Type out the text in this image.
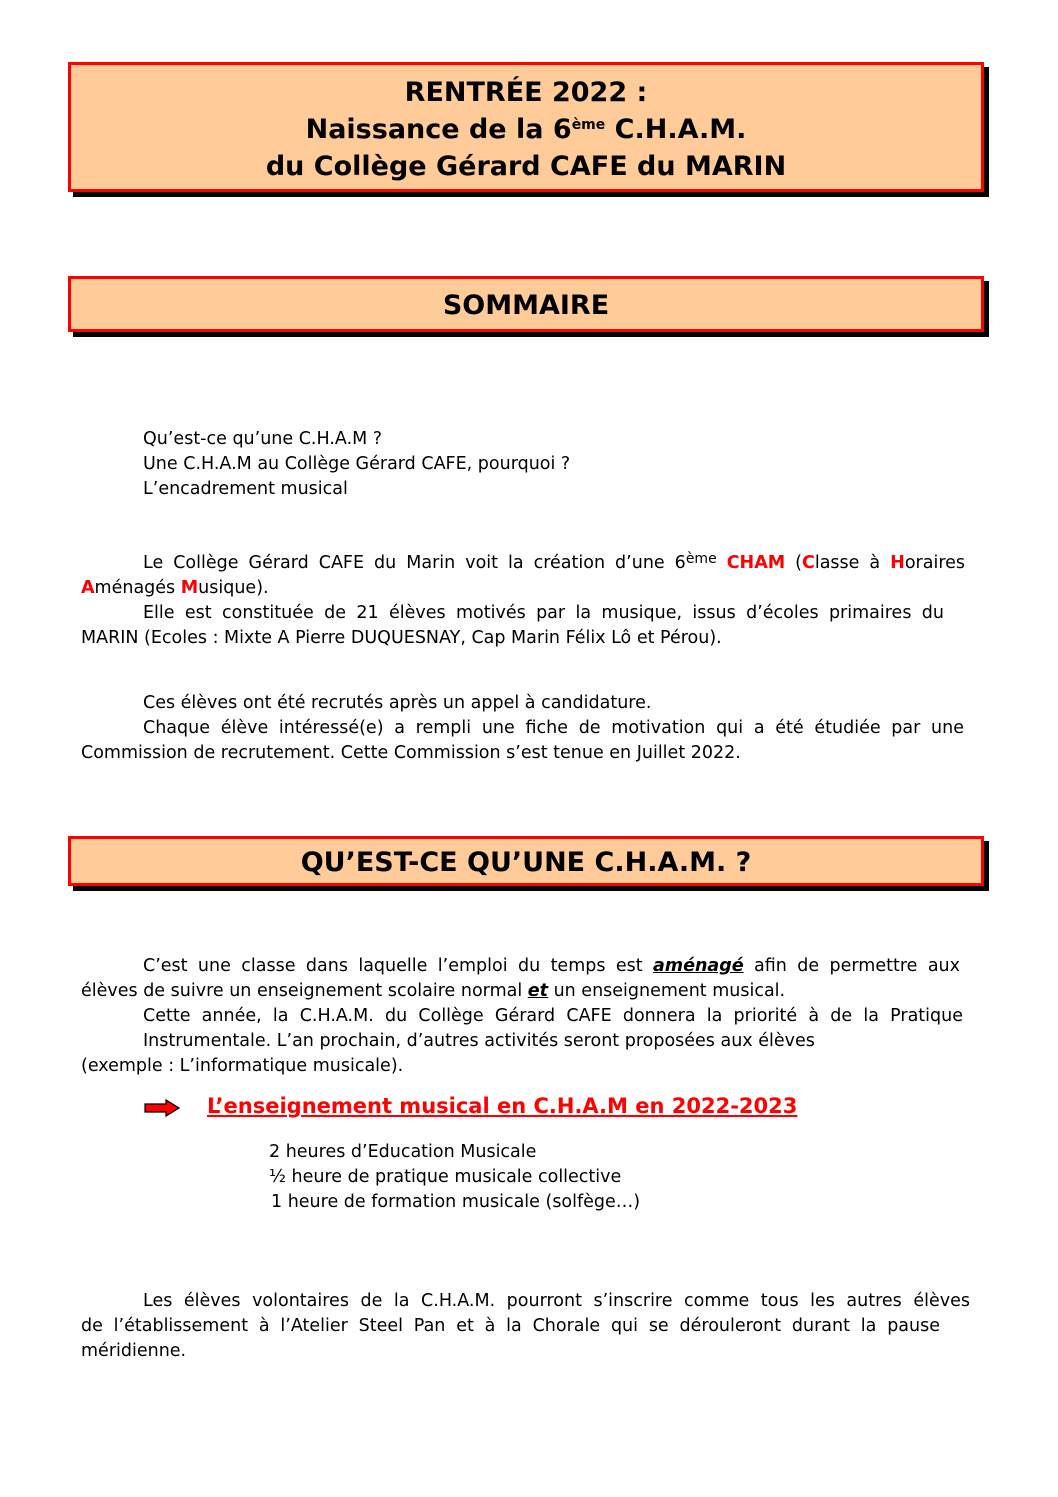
RENTRÉE 2022 :
Naissance de la 6ème C.H.A.M.
du Collège Gérard CAFE du MARIN
SOMMAIRE
Qu’est-ce qu’une C.H.A.M ?
Une C.H.A.M au Collège Gérard CAFE, pourquoi ?
L’encadrement musical
Le Collège Gérard CAFE du Marin voit la création d’une 6ème CHAM (Classe à Horaires
Aménagés Musique).
Elle est constituée de 21 élèves motivés par la musique, issus d’écoles primaires du
MARIN (Ecoles : Mixte A Pierre DUQUESNAY, Cap Marin Félix Lô et Pérou).
Ces élèves ont été recrutés après un appel à candidature.
Chaque élève intéressé(e) a rempli une fiche de motivation qui a été étudiée par une
Commission de recrutement. Cette Commission s’est tenue en Juillet 2022.
QU’EST-CE QU’UNE C.H.A.M. ?
C’est une classe dans laquelle l’emploi du temps est aménagé afin de permettre aux
élèves de suivre un enseignement scolaire normal et un enseignement musical.
Cette année, la C.H.A.M. du Collège Gérard CAFE donnera la priorité à de la Pratique
Instrumentale. L’an prochain, d’autres activités seront proposées aux élèves
(exemple : L’informatique musicale).
L’enseignement musical en C.H.A.M en 2022-2023
2 heures d’Education Musicale
½ heure de pratique musicale collective
1 heure de formation musicale (solfège…)
Les élèves volontaires de la C.H.A.M. pourront s’inscrire comme tous les autres élèves
de l’établissement à l’Atelier Steel Pan et à la Chorale qui se dérouleront durant la pause
méridienne.
